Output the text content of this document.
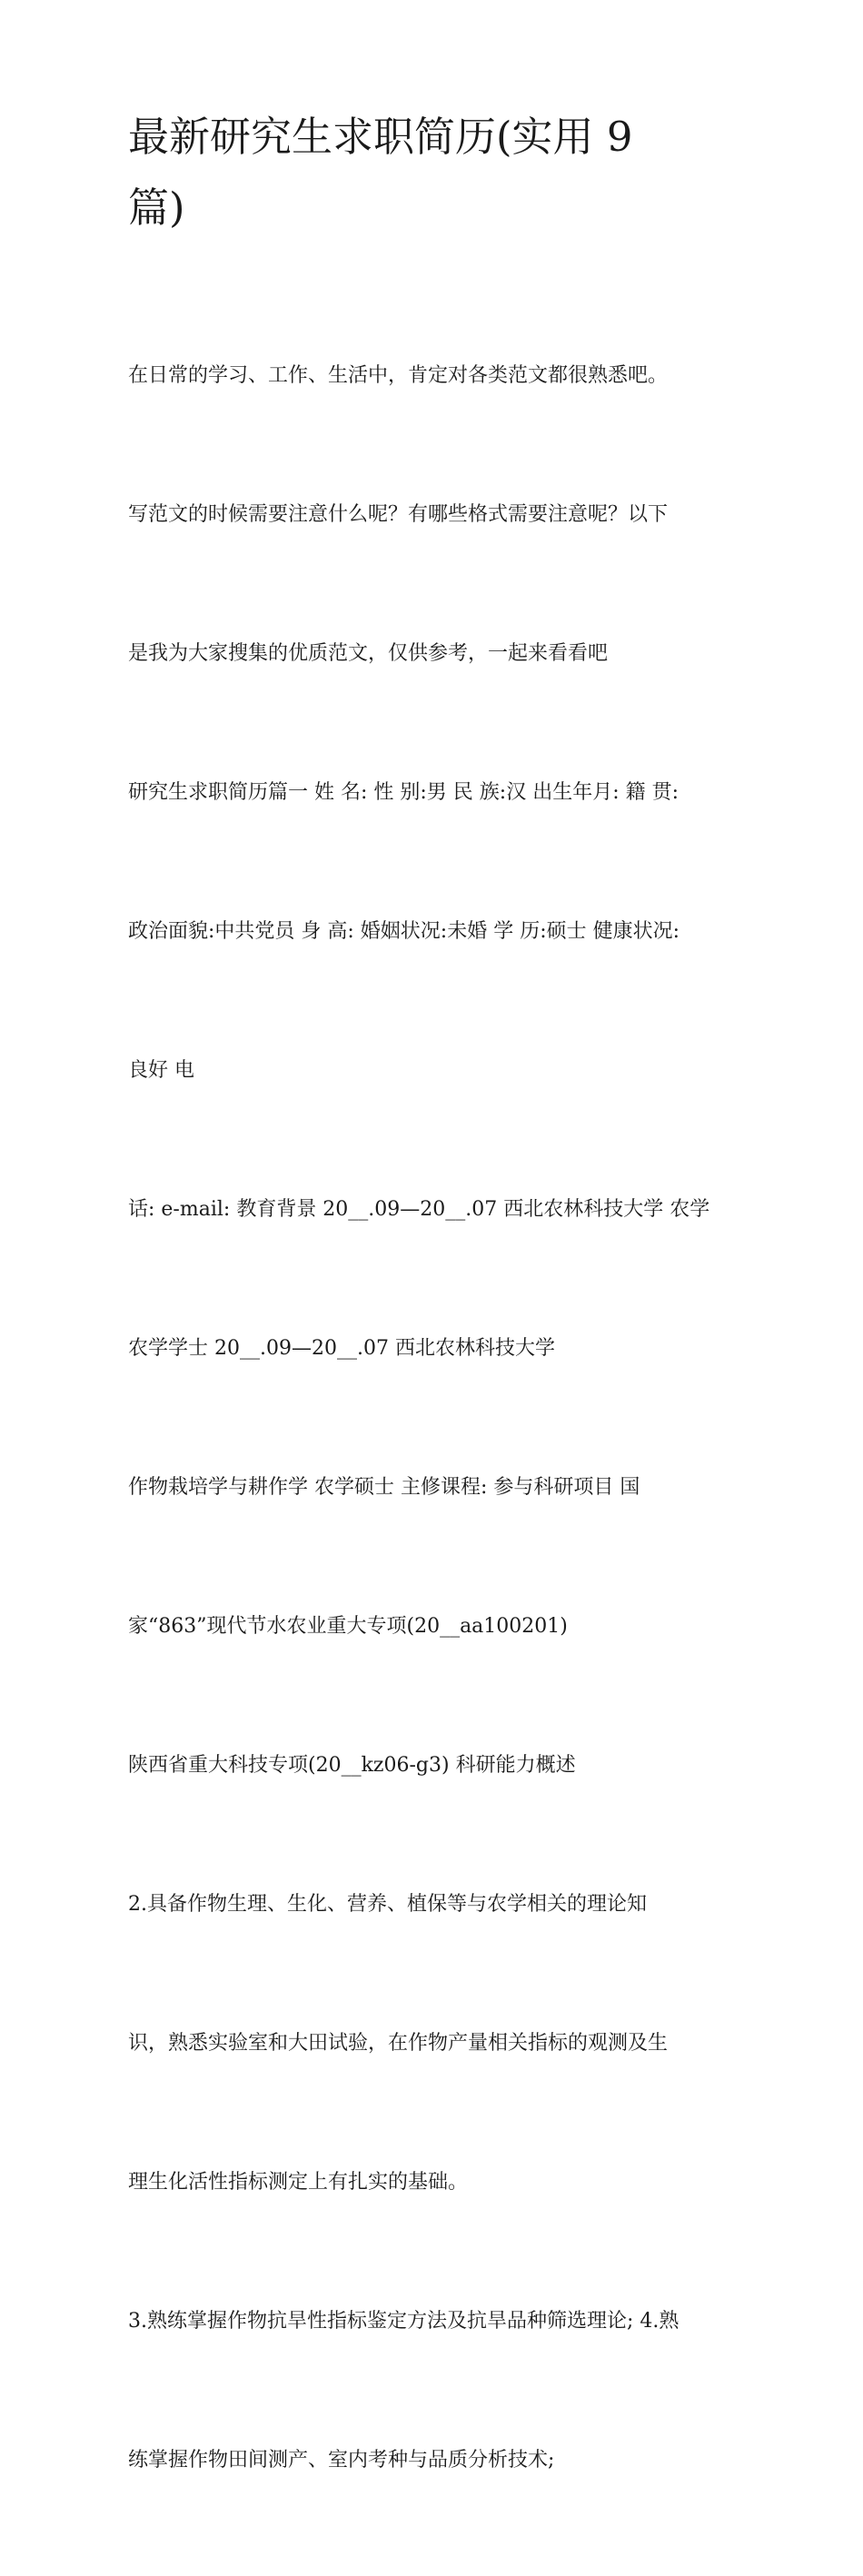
最新研究生求职简历(实用 9
篇)

在日常的学习、工作、生活中，肯定对各类范文都很熟悉吧。

写范文的时候需要注意什么呢？有哪些格式需要注意呢？以下

是我为大家搜集的优质范文，仅供参考，一起来看看吧

研究生求职简历篇一 姓 名: 性 别:男 民 族:汉 出生年月: 籍 贯:

政治面貌:中共党员 身 高: 婚姻状况:未婚 学 历:硕士 健康状况:

良好 电

话: e-mail: 教育背景 20__.09—20__.07 西北农林科技大学 农学

农学学士 20__.09—20__.07 西北农林科技大学

作物栽培学与耕作学 农学硕士 主修课程: 参与科研项目 国

家“863”现代节水农业重大专项(20__aa100201)

陕西省重大科技专项(20__kz06-g3) 科研能力概述

2.具备作物生理、生化、营养、植保等与农学相关的理论知

识，熟悉实验室和大田试验，在作物产量相关指标的观测及生

理生化活性指标测定上有扎实的基础。

3.熟练掌握作物抗旱性指标鉴定方法及抗旱品种筛选理论; 4.熟

练掌握作物田间测产、室内考种与品质分析技术;
